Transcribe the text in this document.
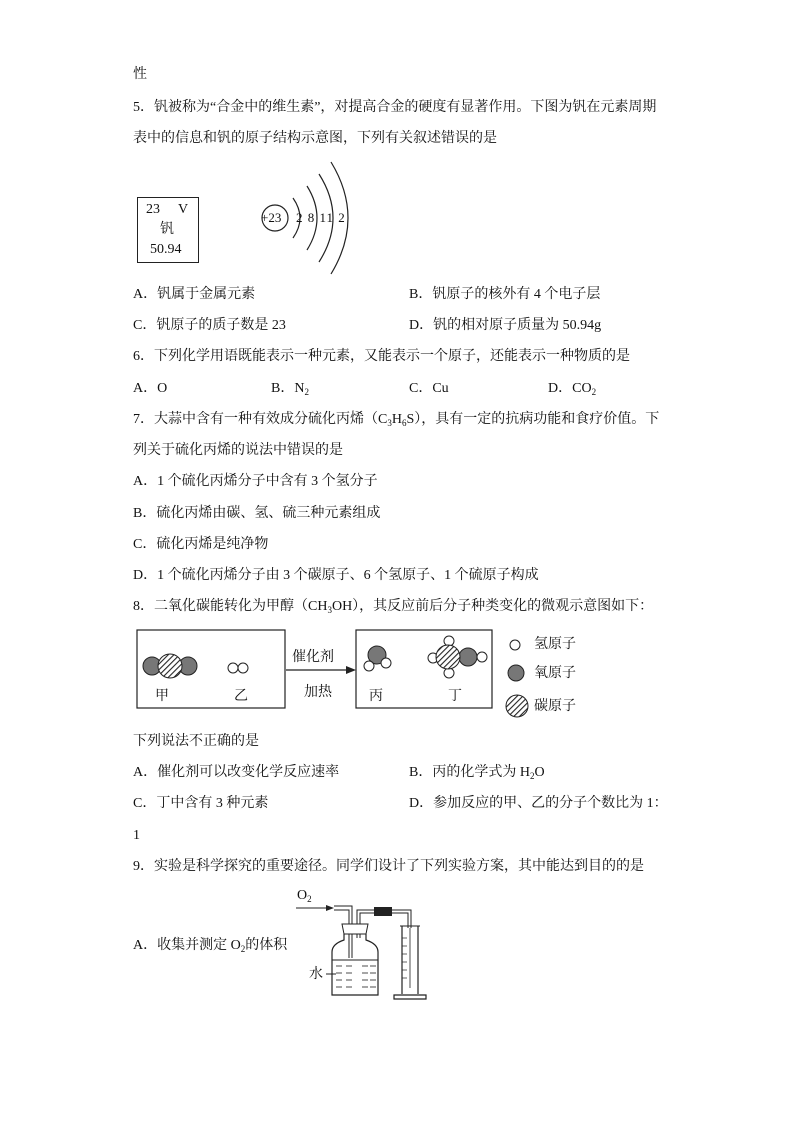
性
5．钒被称为“合金中的维生素”，对提高合金的硬度有显著作用。下图为钒在元素周期
表中的信息和钒的原子结构示意图，下列有关叙述错误的是
23 V
钒
50.94
+23 2 8 11 2
A．钒属于金属元素	B．钒原子的核外有 4 个电子层
C．钒原子的质子数是 23	D．钒的相对原子质量为 50.94g
6．下列化学用语既能表示一种元素，又能表示一个原子，还能表示一种物质的是
A．O	B．$N_2$	C．Cu	D．$CO_2$
7．大蒜中含有一种有效成分硫化丙烯$(C_3H_6S)$，具有一定的抗病功能和食疗价值。下
列关于硫化丙烯的说法中错误的是
A．1 个硫化丙烯分子中含有 3 个氢分子
B．硫化丙烯由碳、氢、硫三种元素组成
C．硫化丙烯是纯净物
D．1 个硫化丙烯分子由 3 个碳原子、6 个氢原子、1 个硫原子构成
8．二氧化碳能转化为甲醇$(CH_3OH)$，其反应前后分子种类变化的微观示意图如下：
甲	乙
催化剂
加热	丙	丁
氢原子
氧原子
碳原子
下列说法不正确的是
A．催化剂可以改变化学反应速率	B．丙的化学式为 $H_2O$
C．丁中含有 3 种元素	D．参加反应的甲、乙的分子个数比为 1：
1
9．实验是科学探究的重要途径。同学们设计了下列实验方案，其中能达到目的的是
$O_2$
水
A．收集并测定 $O_2$的体积
